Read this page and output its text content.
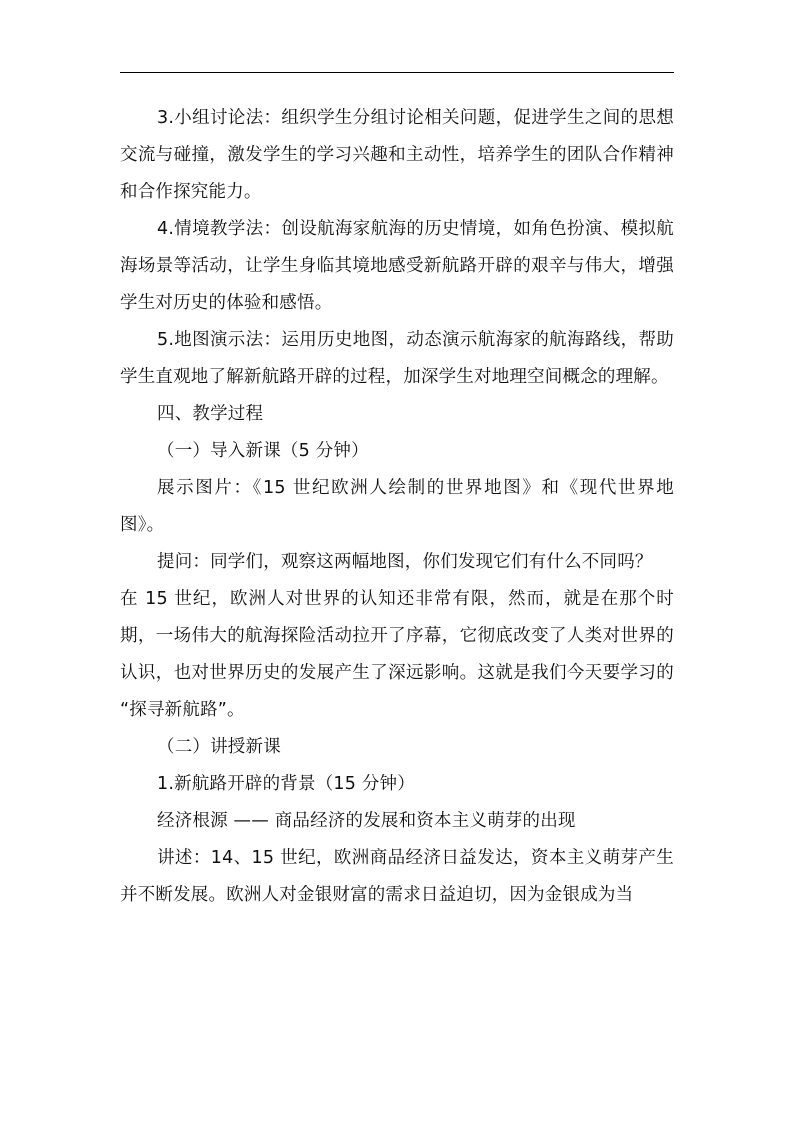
3.小组讨论法：组织学生分组讨论相关问题，促进学生之间的思想交流与碰撞，激发学生的学习兴趣和主动性，培养学生的团队合作精神和合作探究能力。

4.情境教学法：创设航海家航海的历史情境，如角色扮演、模拟航海场景等活动，让学生身临其境地感受新航路开辟的艰辛与伟大，增强学生对历史的体验和感悟。

5.地图演示法：运用历史地图，动态演示航海家的航海路线，帮助学生直观地了解新航路开辟的过程，加深学生对地理空间概念的理解。

四、教学过程

（一）导入新课（5 分钟）

展示图片：《15 世纪欧洲人绘制的世界地图》和《现代世界地图》。

提问：同学们，观察这两幅地图，你们发现它们有什么不同吗？

在 15 世纪，欧洲人对世界的认知还非常有限，然而，就是在那个时期，一场伟大的航海探险活动拉开了序幕，它彻底改变了人类对世界的认识，也对世界历史的发展产生了深远影响。这就是我们今天要学习的 “探寻新航路”。

（二）讲授新课

1.新航路开辟的背景（15 分钟）

经济根源 —— 商品经济的发展和资本主义萌芽的出现

讲述：14、15 世纪，欧洲商品经济日益发达，资本主义萌芽产生并不断发展。欧洲人对金银财富的需求日益迫切，因为金银成为当
